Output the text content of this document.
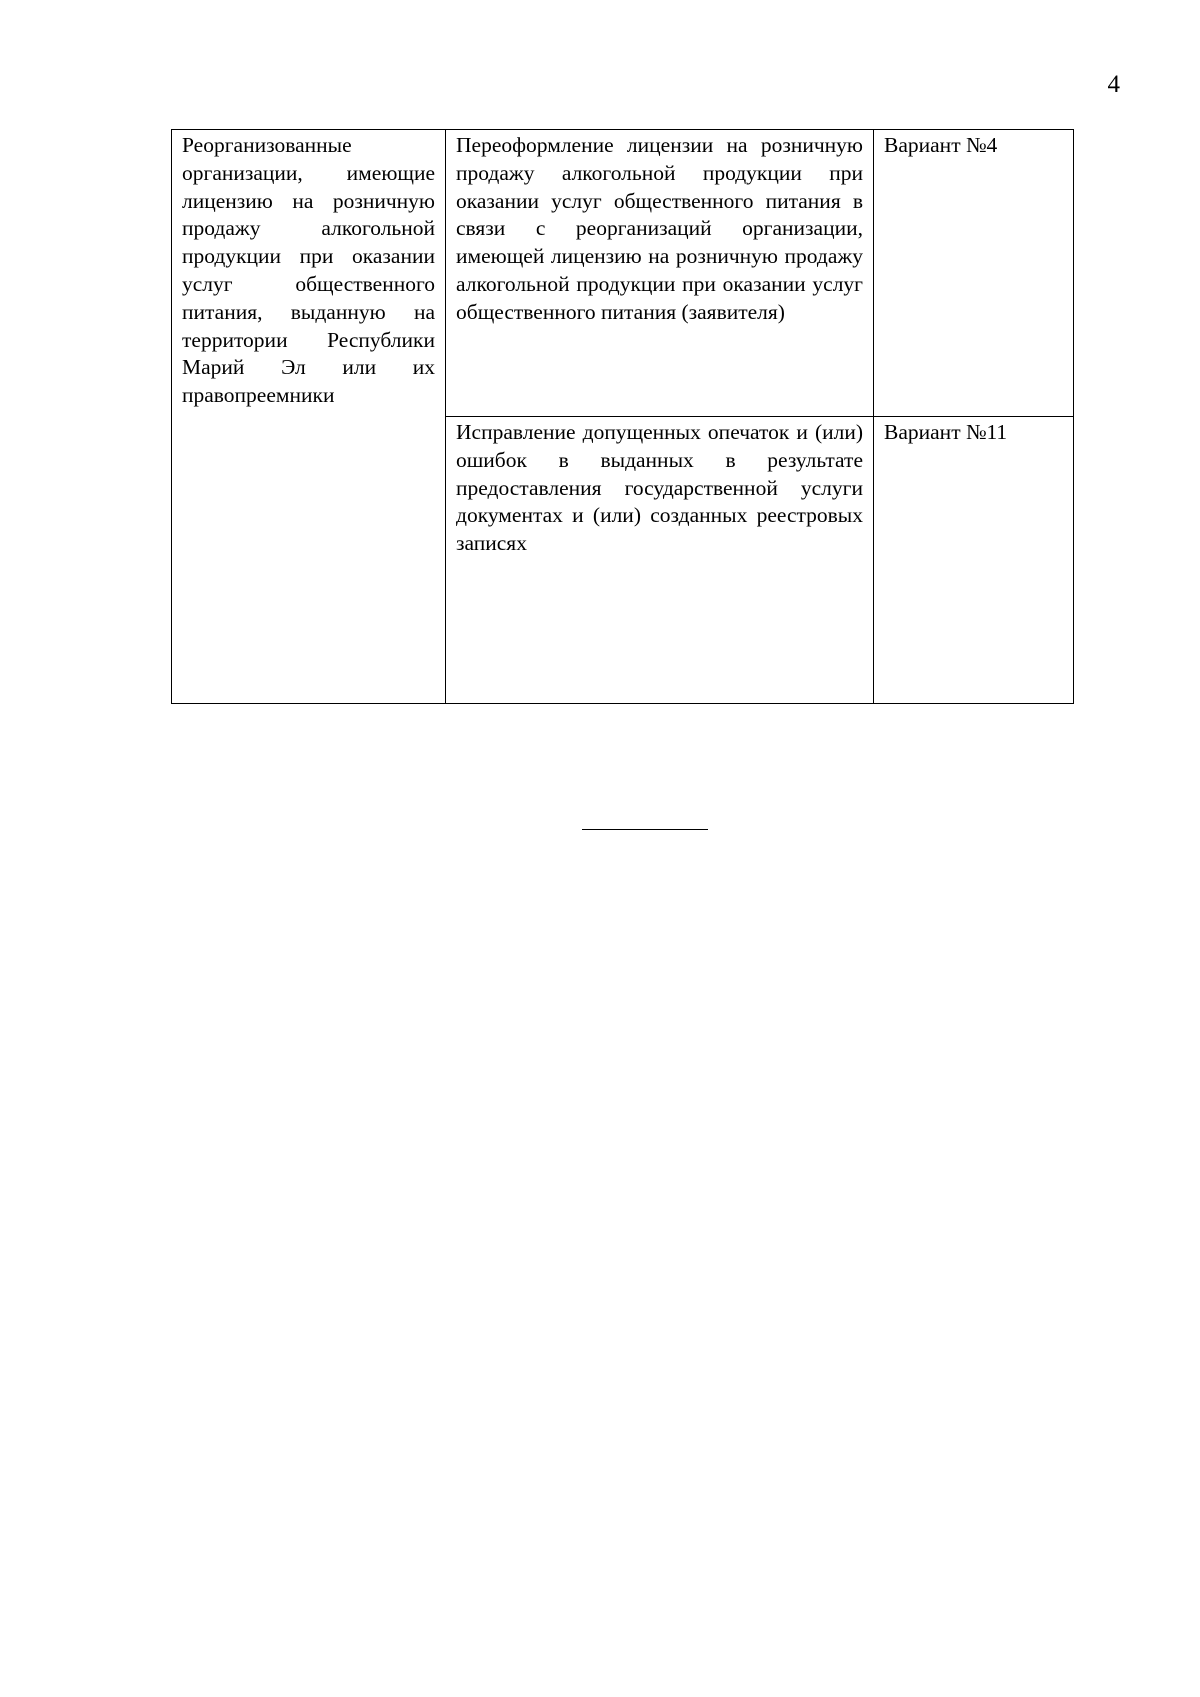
4
Реорганизованные организации, имеющие лицензию на розничную продажу алкогольной продукции при оказании услуг общественного питания, выданную на территории Республики Марий Эл или их правопреемники	Переоформление лицензии на розничную продажу алкогольной продукции при оказании услуг общественного питания в связи с реорганизаций организации, имеющей лицензию на розничную продажу алкогольной продукции при оказании услуг общественного питания (заявителя)	Вариант №4
	Исправление допущенных опечаток и (или) ошибок в выданных в результате предоставления государственной услуги документах и (или) созданных реестровых записях	Вариант №11
